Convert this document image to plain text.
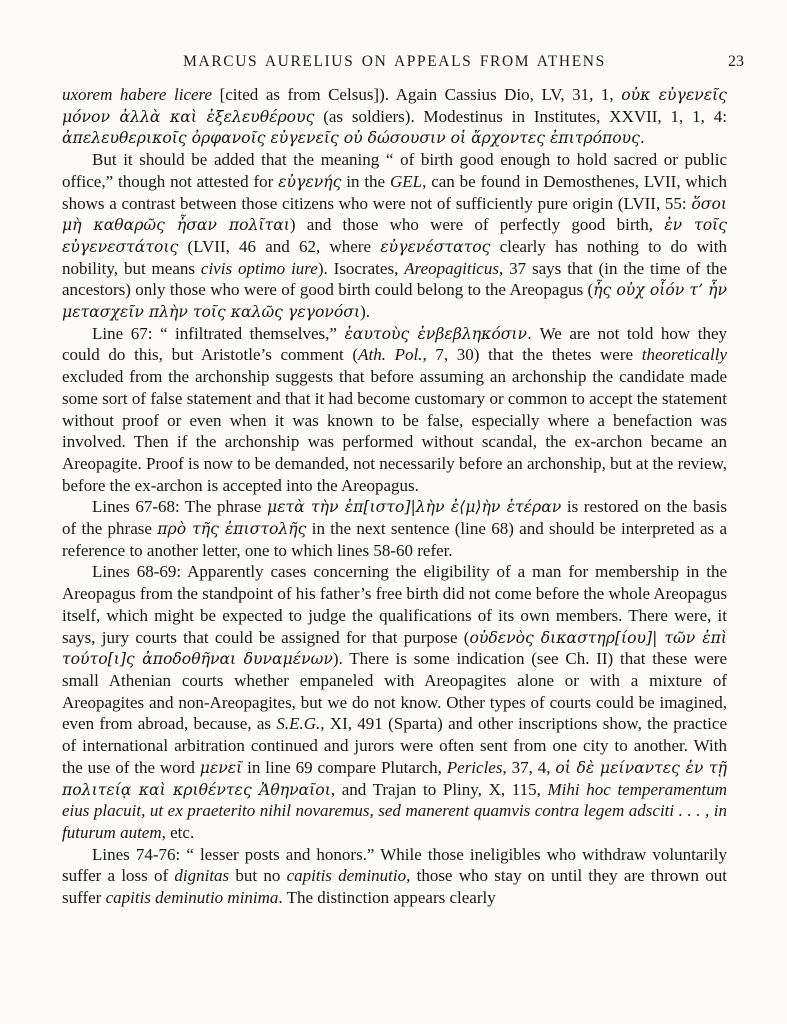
MARCUS AURELIUS ON APPEALS FROM ATHENS	23

uxorem habere licere [cited as from Celsus]). Again Cassius Dio, LV, 31, 1, οὐκ εὐγενεῖς μόνον ἀλλὰ καὶ ἐξελευθέρους (as soldiers). Modestinus in Institutes, XXVII, 1, 1, 4: ἀπελευθερικοῖς ὀρφανοῖς εὐγενεῖς οὐ δώσουσιν οἱ ἄρχοντες ἐπιτρόπους.

But it should be added that the meaning “ of birth good enough to hold sacred or public office,” though not attested for εὐγενής in the GEL, can be found in Demosthenes, LVII, which shows a contrast between those citizens who were not of sufficiently pure origin (LVII, 55: ὅσοι μὴ καθαρῶς ἦσαν πολῖται) and those who were of perfectly good birth, ἐν τοῖς εὐγενεστάτοις (LVII, 46 and 62, where εὐγενέστατος clearly has nothing to do with nobility, but means civis optimo iure). Isocrates, Areopagiticus, 37 says that (in the time of the ancestors) only those who were of good birth could belong to the Areopagus (ἧς οὐχ οἷόν τ’ ἦν μετασχεῖν πλὴν τοῖς καλῶς γεγονόσι).

Line 67: “ infiltrated themselves,” ἑαυτοὺς ἐνβεβληκόσιν. We are not told how they could do this, but Aristotle’s comment (Ath. Pol., 7, 30) that the thetes were theoretically excluded from the archonship suggests that before assuming an archonship the candidate made some sort of false statement and that it had become customary or common to accept the statement without proof or even when it was known to be false, especially where a benefaction was involved. Then if the archonship was performed without scandal, the ex-archon became an Areopagite. Proof is now to be demanded, not necessarily before an archonship, but at the review, before the ex-archon is accepted into the Areopagus.

Lines 67-68: The phrase μετὰ τὴν ἐπ[ιστο]|λὴν ἐ⟨μ⟩ὴν ἑτέραν is restored on the basis of the phrase πρὸ τῆς ἐπιστολῆς in the next sentence (line 68) and should be interpreted as a reference to another letter, one to which lines 58-60 refer.

Lines 68-69: Apparently cases concerning the eligibility of a man for membership in the Areopagus from the standpoint of his father’s free birth did not come before the whole Areopagus itself, which might be expected to judge the qualifications of its own members. There were, it says, jury courts that could be assigned for that purpose (οὐδενὸς δικαστηρ[ίου]| τῶν ἐπὶ τούτο[ι]ς ἀποδοθῆναι δυναμένων). There is some indication (see Ch. II) that these were small Athenian courts whether empaneled with Areopagites alone or with a mixture of Areopagites and non-Areopagites, but we do not know. Other types of courts could be imagined, even from abroad, because, as S.E.G., XI, 491 (Sparta) and other inscriptions show, the practice of international arbitration continued and jurors were often sent from one city to another. With the use of the word μενεῖ in line 69 compare Plutarch, Pericles, 37, 4, οἱ δὲ μείναντες ἐν τῇ πολιτείᾳ καὶ κριθέντες Ἀθηναῖοι, and Trajan to Pliny, X, 115, Mihi hoc temperamentum eius placuit, ut ex praeterito nihil novaremus, sed manerent quamvis contra legem adsciti . . . , in futurum autem, etc.

Lines 74-76: “ lesser posts and honors.” While those ineligibles who withdraw voluntarily suffer a loss of dignitas but no capitis deminutio, those who stay on until they are thrown out suffer capitis deminutio minima. The distinction appears clearly
